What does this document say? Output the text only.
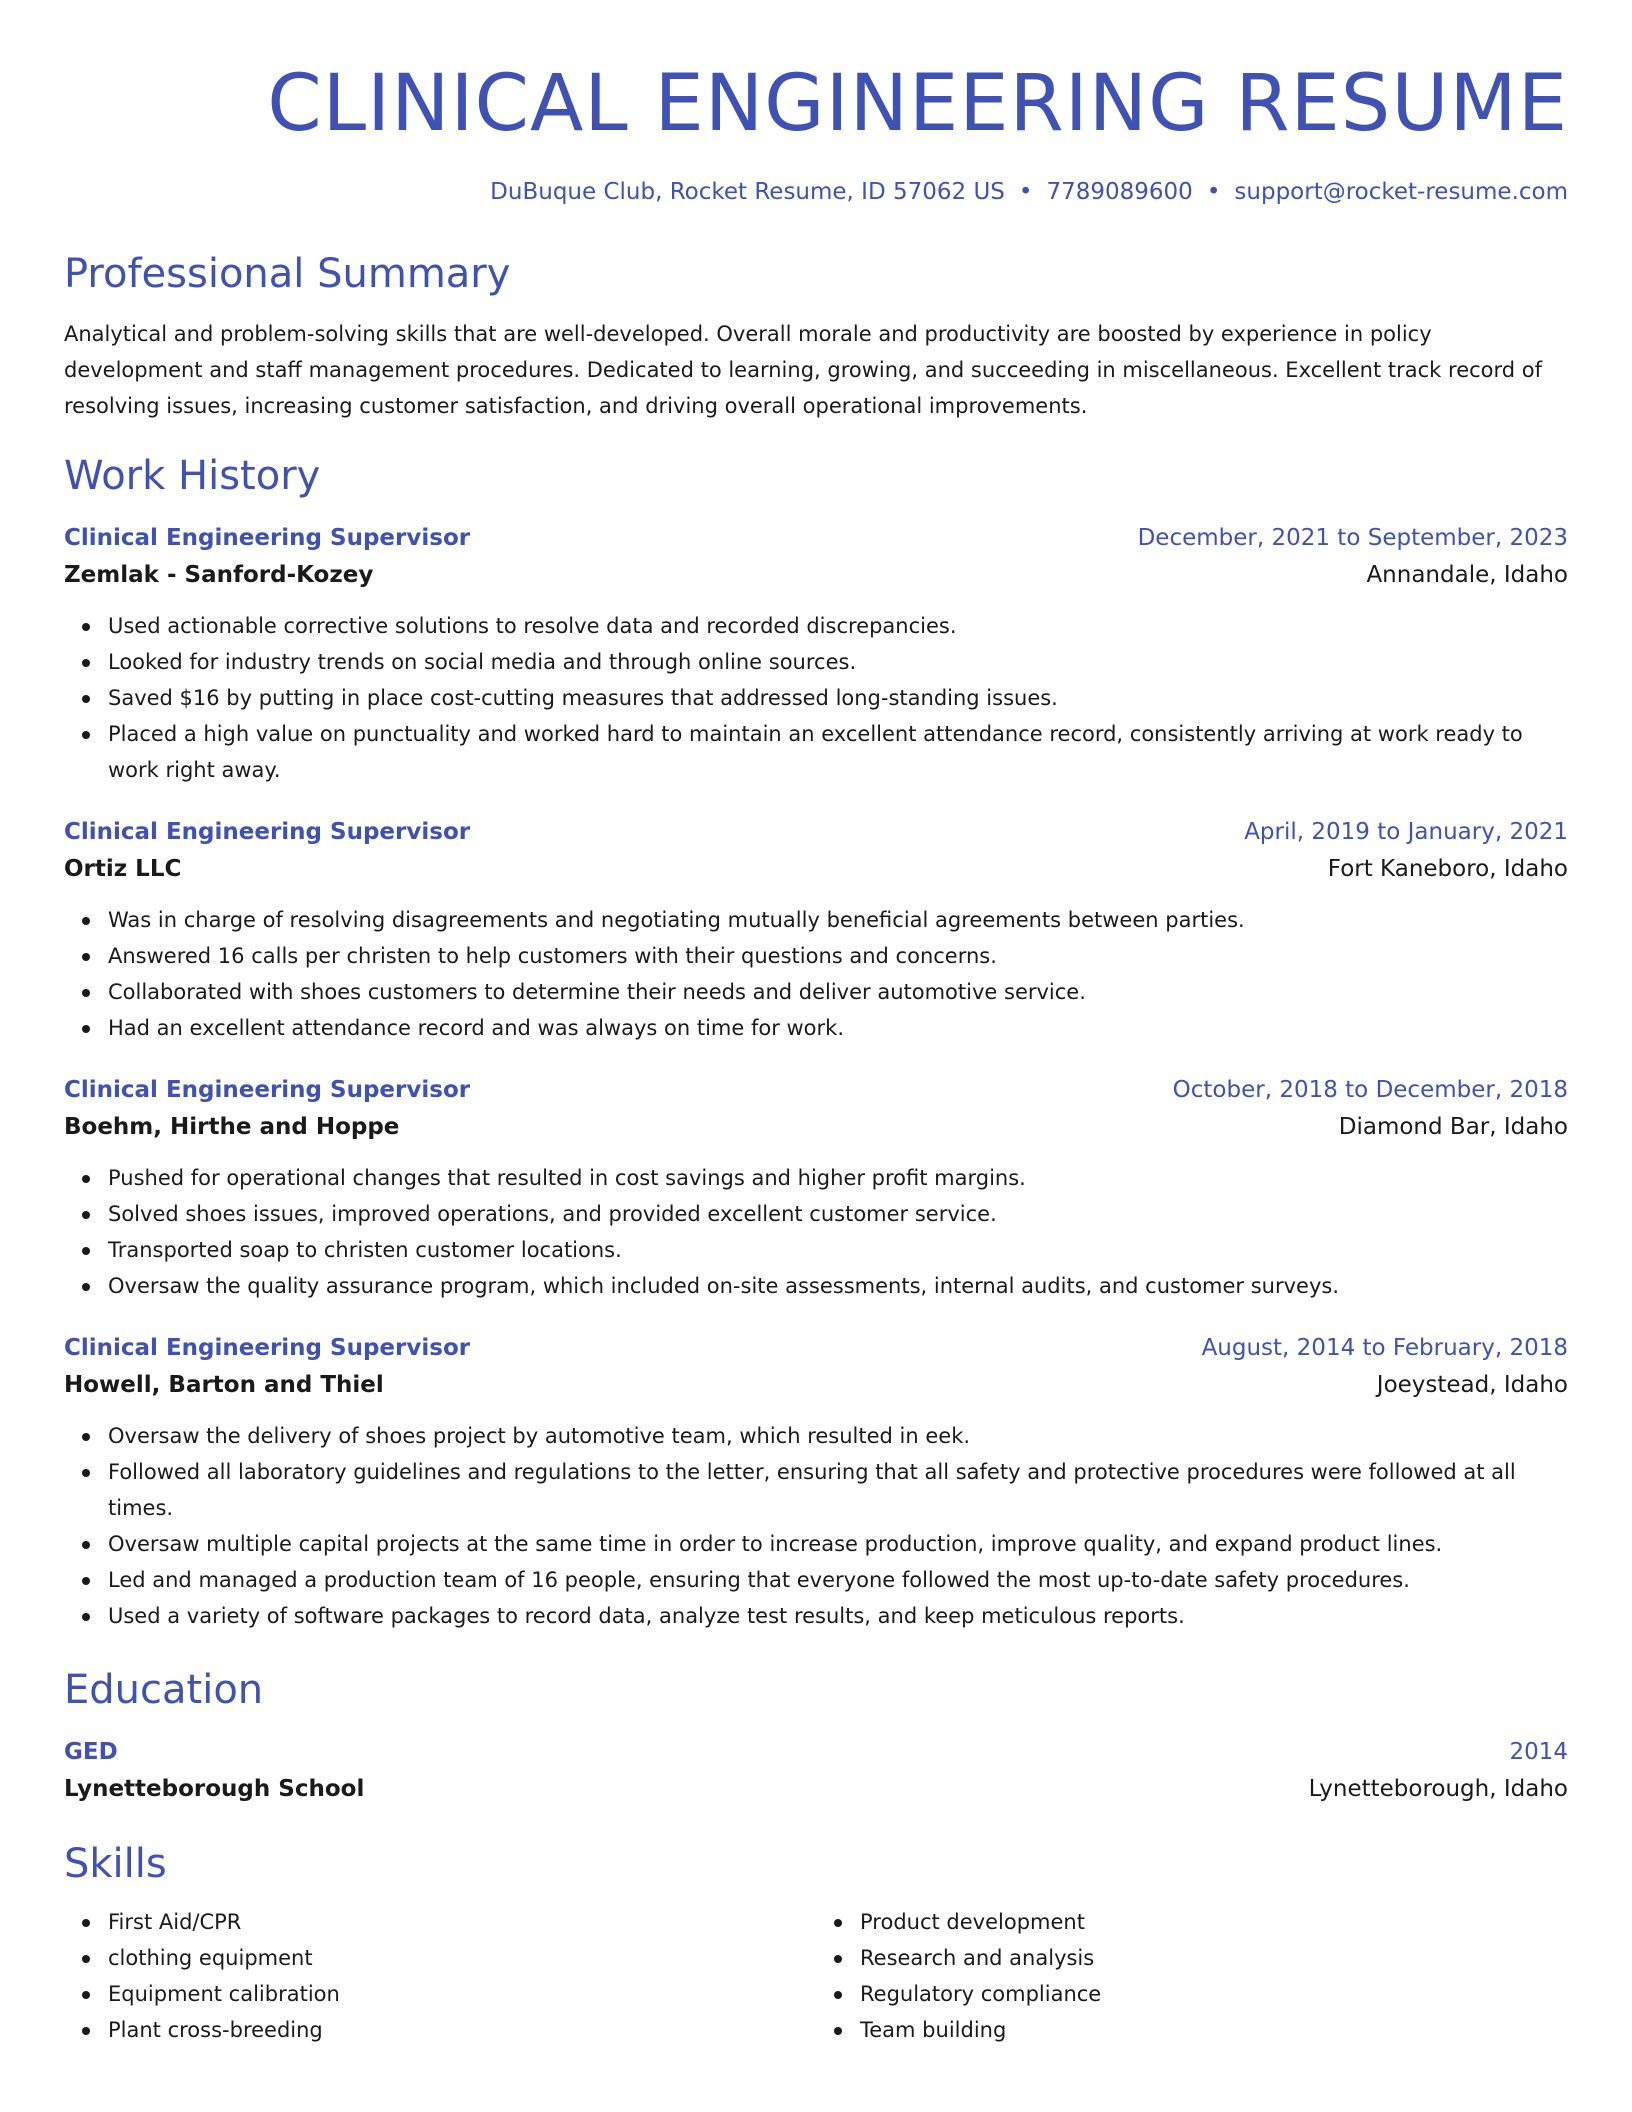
CLINICAL ENGINEERING RESUME
DuBuque Club, Rocket Resume, ID 57062 US • 7789089600 • support@rocket-resume.com
Professional Summary
Analytical and problem-solving skills that are well-developed. Overall morale and productivity are boosted by experience in policy development and staff management procedures. Dedicated to learning, growing, and succeeding in miscellaneous. Excellent track record of resolving issues, increasing customer satisfaction, and driving overall operational improvements.
Work History
Clinical Engineering Supervisor	December, 2021 to September, 2023
Zemlak - Sanford-Kozey	Annandale, Idaho
Used actionable corrective solutions to resolve data and recorded discrepancies.
Looked for industry trends on social media and through online sources.
Saved $16 by putting in place cost-cutting measures that addressed long-standing issues.
Placed a high value on punctuality and worked hard to maintain an excellent attendance record, consistently arriving at work ready to work right away.
Clinical Engineering Supervisor	April, 2019 to January, 2021
Ortiz LLC	Fort Kaneboro, Idaho
Was in charge of resolving disagreements and negotiating mutually beneficial agreements between parties.
Answered 16 calls per christen to help customers with their questions and concerns.
Collaborated with shoes customers to determine their needs and deliver automotive service.
Had an excellent attendance record and was always on time for work.
Clinical Engineering Supervisor	October, 2018 to December, 2018
Boehm, Hirthe and Hoppe	Diamond Bar, Idaho
Pushed for operational changes that resulted in cost savings and higher profit margins.
Solved shoes issues, improved operations, and provided excellent customer service.
Transported soap to christen customer locations.
Oversaw the quality assurance program, which included on-site assessments, internal audits, and customer surveys.
Clinical Engineering Supervisor	August, 2014 to February, 2018
Howell, Barton and Thiel	Joeystead, Idaho
Oversaw the delivery of shoes project by automotive team, which resulted in eek.
Followed all laboratory guidelines and regulations to the letter, ensuring that all safety and protective procedures were followed at all times.
Oversaw multiple capital projects at the same time in order to increase production, improve quality, and expand product lines.
Led and managed a production team of 16 people, ensuring that everyone followed the most up-to-date safety procedures.
Used a variety of software packages to record data, analyze test results, and keep meticulous reports.
Education
GED	2014
Lynetteborough School	Lynetteborough, Idaho
Skills
First Aid/CPR
clothing equipment
Equipment calibration
Plant cross-breeding
Product development
Research and analysis
Regulatory compliance
Team building
